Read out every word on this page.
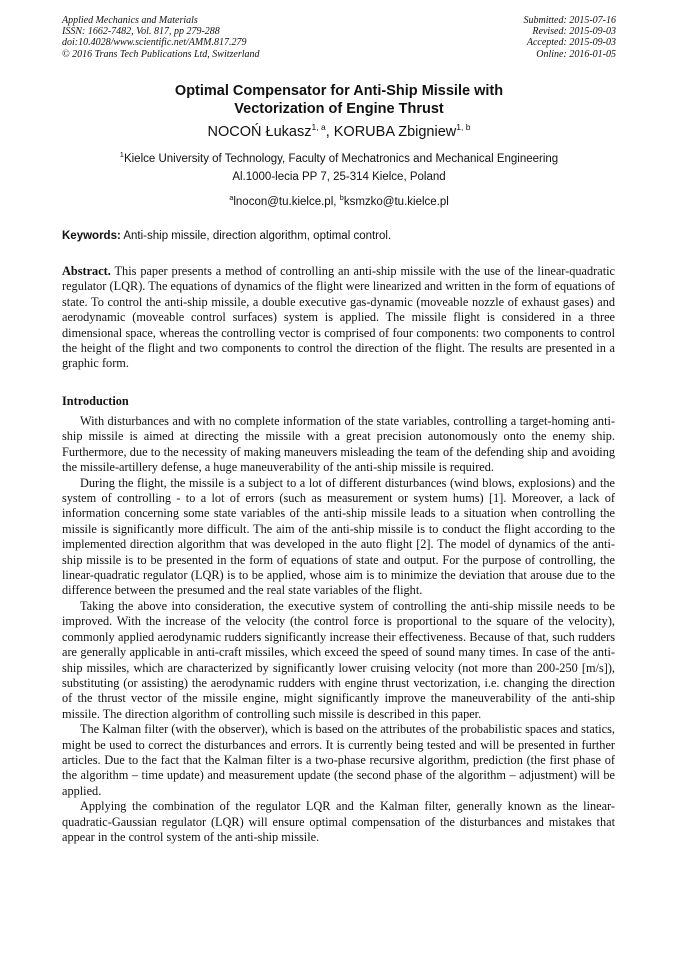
Applied Mechanics and Materials
ISSN: 1662-7482, Vol. 817, pp 279-288
doi:10.4028/www.scientific.net/AMM.817.279
© 2016 Trans Tech Publications Ltd, Switzerland
Submitted: 2015-07-16
Revised: 2015-09-03
Accepted: 2015-09-03
Online: 2016-01-05
Optimal Compensator for Anti-Ship Missile with
Vectorization of Engine Thrust
NOCOŃ Łukasz$^{1, a}$, KORUBA Zbigniew$^{1, b}$
$^1$Kielce University of Technology, Faculty of Mechatronics and Mechanical Engineering
Al.1000-lecia PP 7, 25-314 Kielce, Poland
$^a$lnocon@tu.kielce.pl, $^b$ksmzko@tu.kielce.pl
Keywords: Anti-ship missile, direction algorithm, optimal control.

Abstract. This paper presents a method of controlling an anti-ship missile with the use of the linear-quadratic regulator (LQR). The equations of dynamics of the flight were linearized and written in the form of equations of state. To control the anti-ship missile, a double executive gas-dynamic (moveable nozzle of exhaust gases) and aerodynamic (moveable control surfaces) system is applied. The missile flight is considered in a three dimensional space, whereas the controlling vector is comprised of four components: two components to control the height of the flight and two components to control the direction of the flight. The results are presented in a graphic form.

Introduction

With disturbances and with no complete information of the state variables, controlling a target-homing anti-ship missile is aimed at directing the missile with a great precision autonomously onto the enemy ship. Furthermore, due to the necessity of making maneuvers misleading the team of the defending ship and avoiding the missile-artillery defense, a huge maneuverability of the anti-ship missile is required.

During the flight, the missile is a subject to a lot of different disturbances (wind blows, explosions) and the system of controlling - to a lot of errors (such as measurement or system hums) [1]. Moreover, a lack of information concerning some state variables of the anti-ship missile leads to a situation when controlling the missile is significantly more difficult. The aim of the anti-ship missile is to conduct the flight according to the implemented direction algorithm that was developed in the auto flight [2]. The model of dynamics of the anti-ship missile is to be presented in the form of equations of state and output. For the purpose of controlling, the linear-quadratic regulator (LQR) is to be applied, whose aim is to minimize the deviation that arouse due to the difference between the presumed and the real state variables of the flight.

Taking the above into consideration, the executive system of controlling the anti-ship missile needs to be improved. With the increase of the velocity (the control force is proportional to the square of the velocity), commonly applied aerodynamic rudders significantly increase their effectiveness. Because of that, such rudders are generally applicable in anti-craft missiles, which exceed the speed of sound many times. In case of the anti-ship missiles, which are characterized by significantly lower cruising velocity (not more than 200-250 [m/s]), substituting (or assisting) the aerodynamic rudders with engine thrust vectorization, i.e. changing the direction of the thrust vector of the missile engine, might significantly improve the maneuverability of the anti-ship missile. The direction algorithm of controlling such missile is described in this paper.

The Kalman filter (with the observer), which is based on the attributes of the probabilistic spaces and statics, might be used to correct the disturbances and errors. It is currently being tested and will be presented in further articles. Due to the fact that the Kalman filter is a two-phase recursive algorithm, prediction (the first phase of the algorithm – time update) and measurement update (the second phase of the algorithm – adjustment) will be applied.

Applying the combination of the regulator LQR and the Kalman filter, generally known as the linear-quadratic-Gaussian regulator (LQR) will ensure optimal compensation of the disturbances and mistakes that appear in the control system of the anti-ship missile.
